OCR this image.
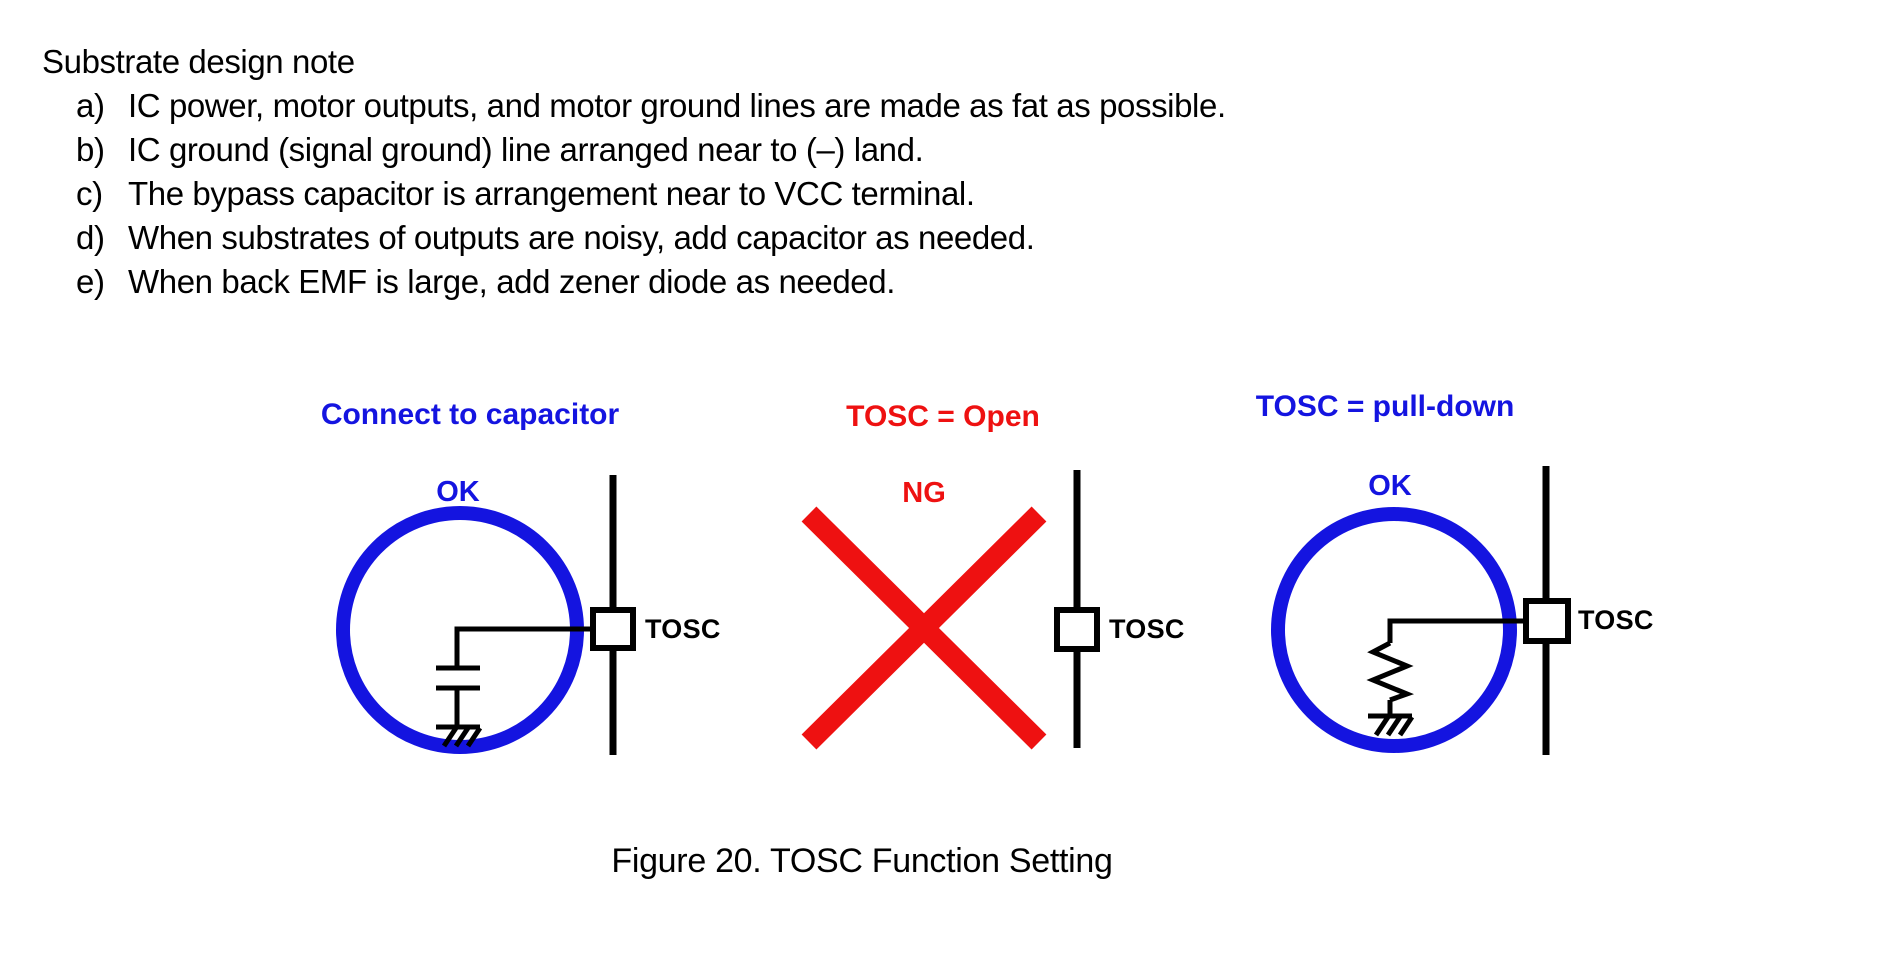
Substrate design note
a) IC power, motor outputs, and motor ground lines are made as fat as possible.
b) IC ground (signal ground) line arranged near to (–) land.
c) The bypass capacitor is arrangement near to VCC terminal.
d) When substrates of outputs are noisy, add capacitor as needed.
e) When back EMF is large, add zener diode as needed.
Connect to capacitor
OK
TOSC
TOSC = Open
NG
TOSC
TOSC = pull-down
OK
TOSC
Figure 20. TOSC Function Setting
